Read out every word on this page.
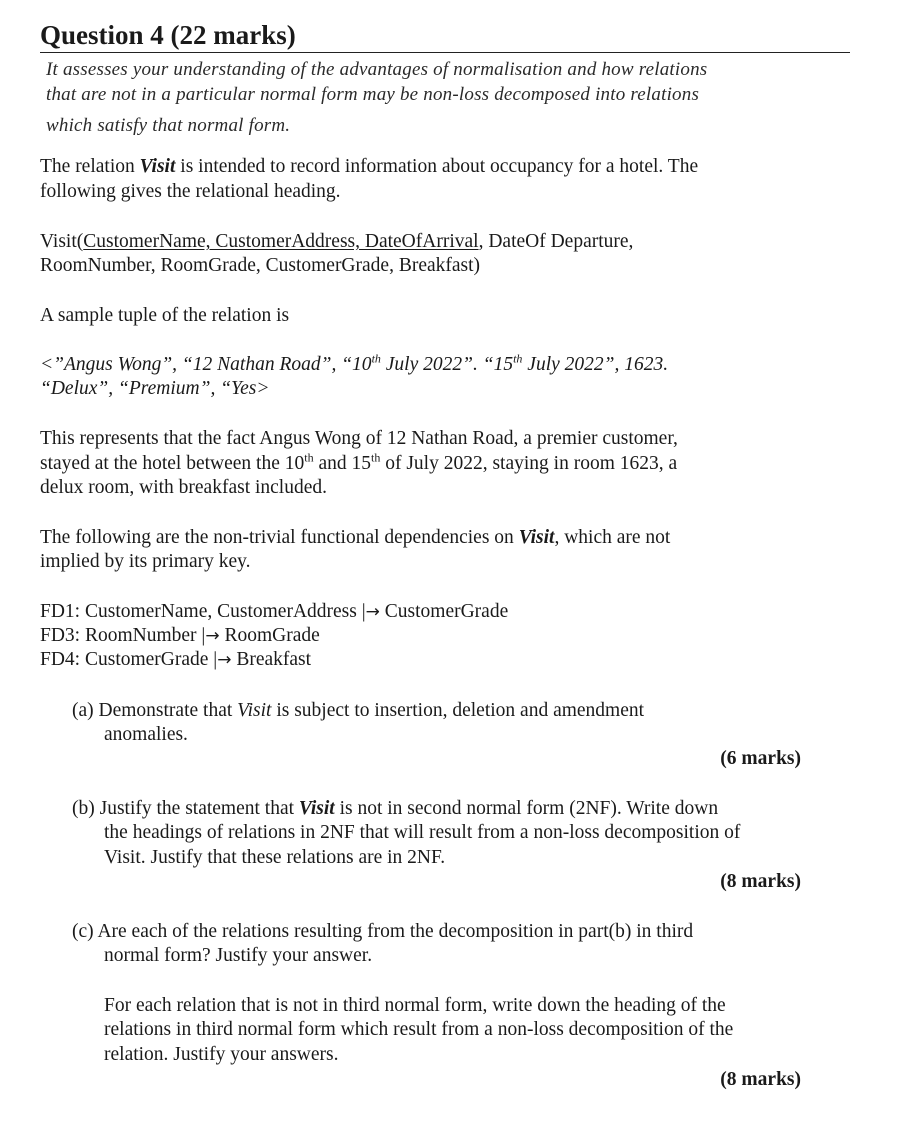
Question 4 (22 marks)
It assesses your understanding of the advantages of normalisation and how relations
that are not in a particular normal form may be non-loss decomposed into relations
which satisfy that normal form.
The relation Visit is intended to record information about occupancy for a hotel. The
following gives the relational heading.
Visit(CustomerName, CustomerAddress, DateOfArrival, DateOf Departure,
RoomNumber, RoomGrade, CustomerGrade, Breakfast)
A sample tuple of the relation is
<”Angus Wong”, “12 Nathan Road”, “10th July 2022”. “15th July 2022”, 1623.
“Delux”, “Premium”, “Yes>
This represents that the fact Angus Wong of 12 Nathan Road, a premier customer,
stayed at the hotel between the 10th and 15th of July 2022, staying in room 1623, a
delux room, with breakfast included.
The following are the non-trivial functional dependencies on Visit, which are not
implied by its primary key.
FD1: CustomerName, CustomerAddress |→ CustomerGrade
FD3: RoomNumber |→ RoomGrade
FD4: CustomerGrade |→ Breakfast
(a) Demonstrate that Visit is subject to insertion, deletion and amendment
anomalies.
(6 marks)
(b) Justify the statement that Visit is not in second normal form (2NF). Write down
the headings of relations in 2NF that will result from a non-loss decomposition of
Visit. Justify that these relations are in 2NF.
(8 marks)
(c) Are each of the relations resulting from the decomposition in part(b) in third
normal form? Justify your answer.
For each relation that is not in third normal form, write down the heading of the
relations in third normal form which result from a non-loss decomposition of the
relation. Justify your answers.
(8 marks)
